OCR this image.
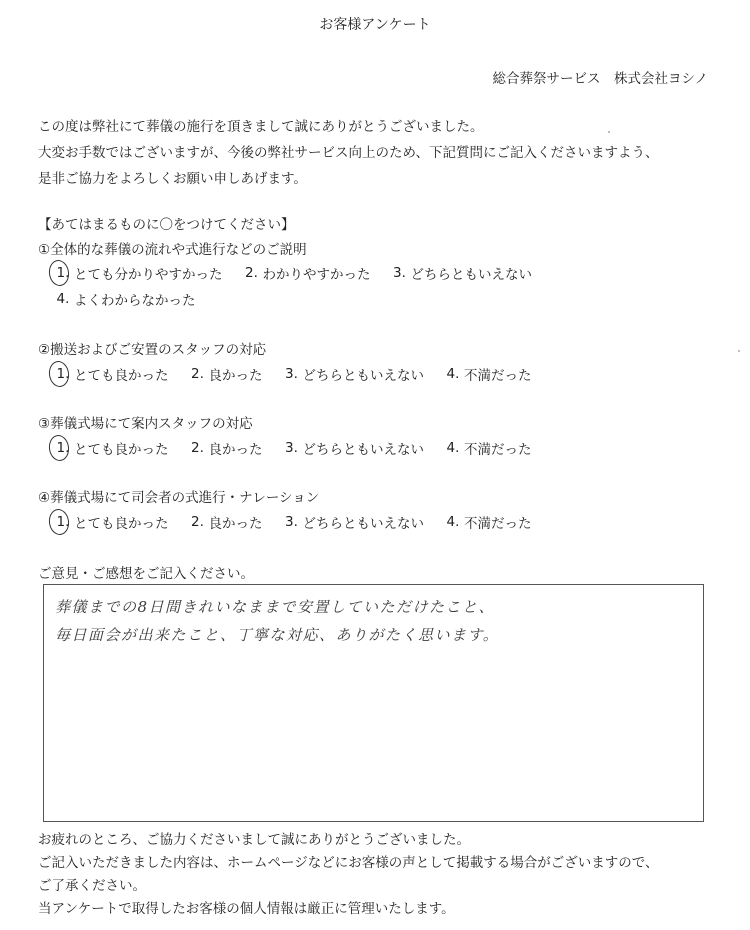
お客様アンケート
総合葬祭サービス　株式会社ヨシノ
この度は弊社にて葬儀の施行を頂きまして誠にありがとうございました。
大変お手数ではございますが、今後の弊社サービス向上のため、下記質問にご記入くださいますよう、
是非ご協力をよろしくお願い申しあげます。
【あてはまるものに〇をつけてください】
①全体的な葬儀の流れや式進行などのご説明
1. とても分かりやすかった	2. わかりやすかった	3. どちらともいえない
4. よくわからなかった
②搬送およびご安置のスタッフの対応
1. とても良かった	2. 良かった	3. どちらともいえない	4. 不満だった
③葬儀式場にて案内スタッフの対応
1. とても良かった	2. 良かった	3. どちらともいえない	4. 不満だった
④葬儀式場にて司会者の式進行・ナレーション
1. とても良かった	2. 良かった	3. どちらともいえない	4. 不満だった
ご意見・ご感想をご記入ください。
葬儀までの8日間きれいなままで安置していただけたこと、
毎日面会が出来たこと、丁寧な対応、ありがたく思います。
お疲れのところ、ご協力くださいまして誠にありがとうございました。
ご記入いただきました内容は、ホームページなどにお客様の声として掲載する場合がございますので、
ご了承ください。
当アンケートで取得したお客様の個人情報は厳正に管理いたします。
